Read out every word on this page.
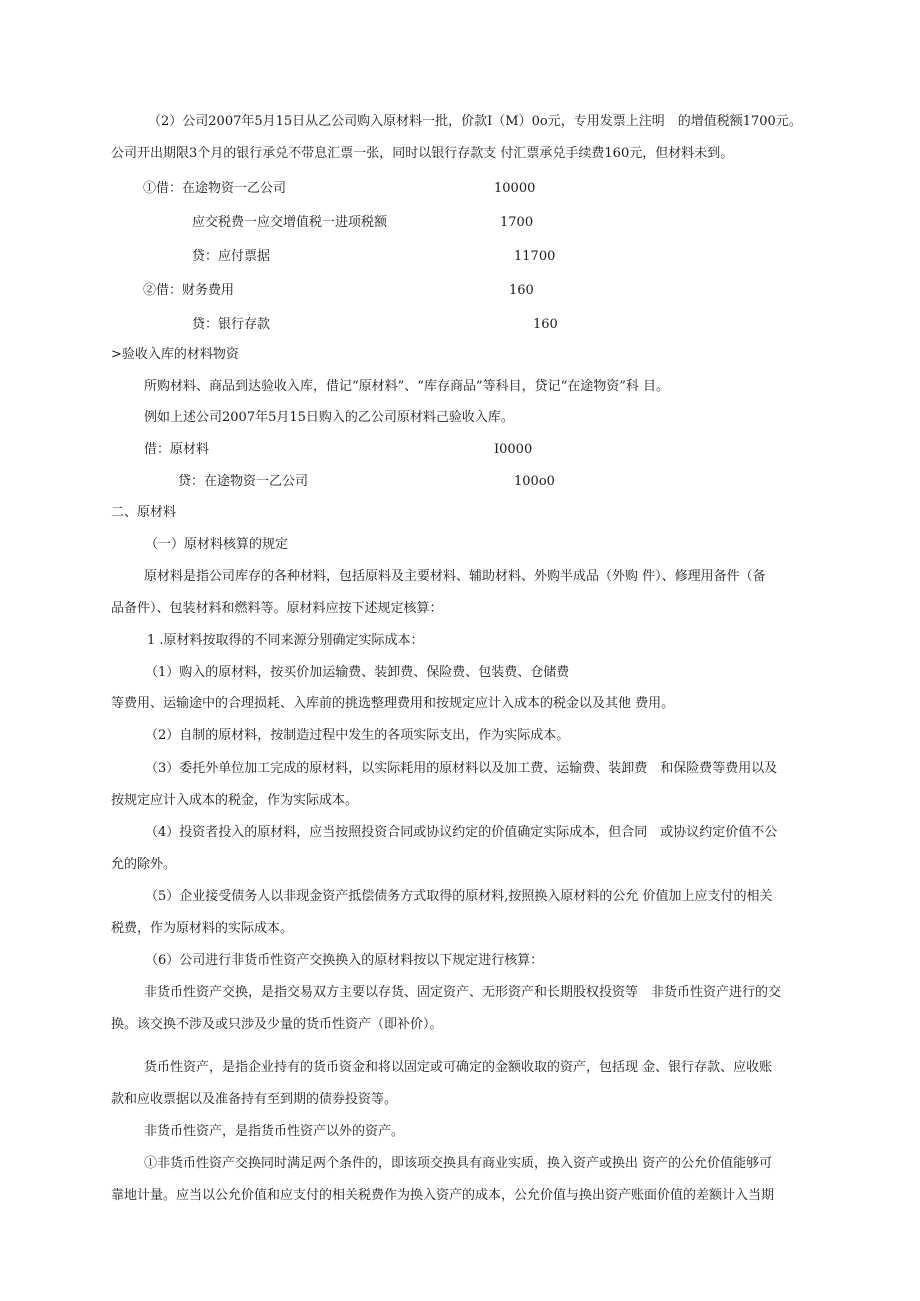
（2）公司2007年5月15日从乙公司购入原材料一批，价款I（M）0o元，专用发票上注明　的增值税额1700元。
公司开出期限3个月的银行承兑不带息汇票一张，同时以银行存款支 付汇票承兑手续费160元，但材料未到。
①借：在途物资一乙公司	10000
应交税费一应交增值税一进项税额	1700
贷：应付票据	11700
②借：财务费用	160
贷：银行存款	160
>验收入库的材料物资
所购材料、商品到达验收入库，借记“原材料”、“库存商品”等科目，贷记“在途物资”科 目。
例如上述公司2007年5月15日购入的乙公司原材料己验收入库。
借：原材料	I0000
贷：在途物资一乙公司	100o0
二、原材料
（一）原材料核算的规定
原材料是指公司库存的各种材料，包括原料及主要材料、辅助材料、外购半成品（外购 件）、修理用备件（备
品备件）、包装材料和燃料等。原材料应按下述规定核算：
1 .原材料按取得的不同来源分别确定实际成本：
（1）购入的原材料，按买价加运输费、装卸费、保险费、包装费、仓储费
等费用、运输途中的合理损耗、入库前的挑选整理费用和按规定应计入成本的税金以及其他 费用。
（2）自制的原材料，按制造过程中发生的各项实际支出，作为实际成本。
（3）委托外单位加工完成的原材料，以实际耗用的原材料以及加工费、运输费、装卸费　和保险费等费用以及
按规定应计入成本的税金，作为实际成本。
（4）投资者投入的原材料，应当按照投资合同或协议约定的价值确定实际成本，但合同　或协议约定价值不公
允的除外。
（5）企业接受债务人以非现金资产抵偿债务方式取得的原材料,按照换入原材料的公允 价值加上应支付的相关
税费，作为原材料的实际成本。
（6）公司进行非货币性资产交换换入的原材料按以下规定进行核算：
非货币性资产交换，是指交易双方主要以存货、固定资产、无形资产和长期股权投资等　非货币性资产进行的交
换。该交换不涉及或只涉及少量的货币性资产（即补价）。
货币性资产，是指企业持有的货币资金和将以固定或可确定的金额收取的资产，包括现 金、银行存款、应收账
款和应收票据以及准备持有至到期的债券投资等。
非货币性资产，是指货币性资产以外的资产。
①非货币性资产交换同时满足两个条件的，即该项交换具有商业实质，换入资产或换出 资产的公允价值能够可
靠地计量。应当以公允价值和应支付的相关税费作为换入资产的成本，公允价值与换出资产账面价值的差额计入当期
